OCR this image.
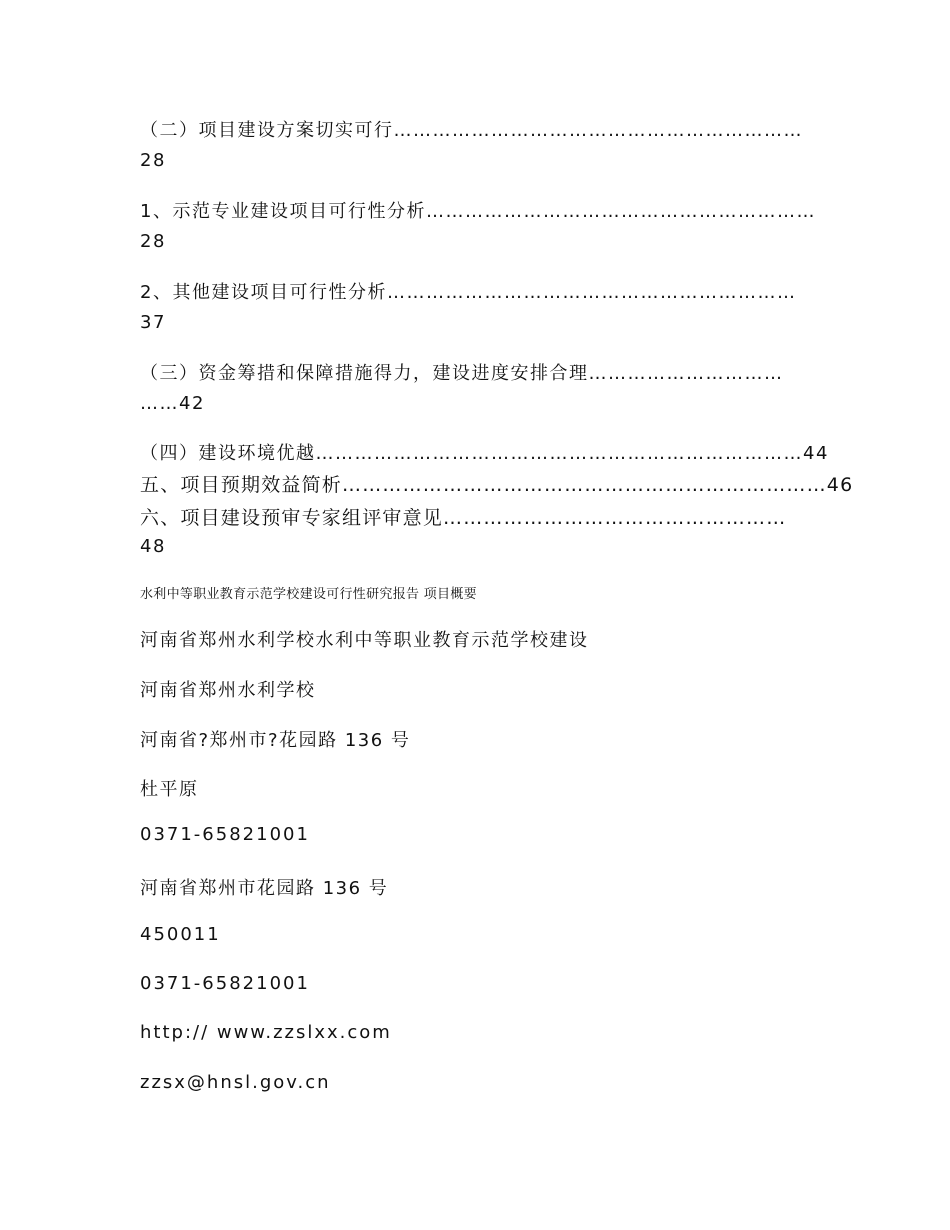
（二）项目建设方案切实可行………………………………………………………
28
1、示范专业建设项目可行性分析……………………………………………………
28
2、其他建设项目可行性分析………………………………………………………
37
（三）资金筹措和保障措施得力，建设进度安排合理…………………………
……42
（四）建设环境优越…………………………………………………………………44
五、项目预期效益简析………………………………………………………………46
六、项目建设预审专家组评审意见……………………………………………
48
水利中等职业教育示范学校建设可行性研究报告 项目概要
河南省郑州水利学校水利中等职业教育示范学校建设
河南省郑州水利学校
河南省?郑州市?花园路 136 号
杜平原
0371-65821001
河南省郑州市花园路 136 号
450011
0371-65821001
http:// www.zzslxx.com
zzsx@hnsl.gov.cn
